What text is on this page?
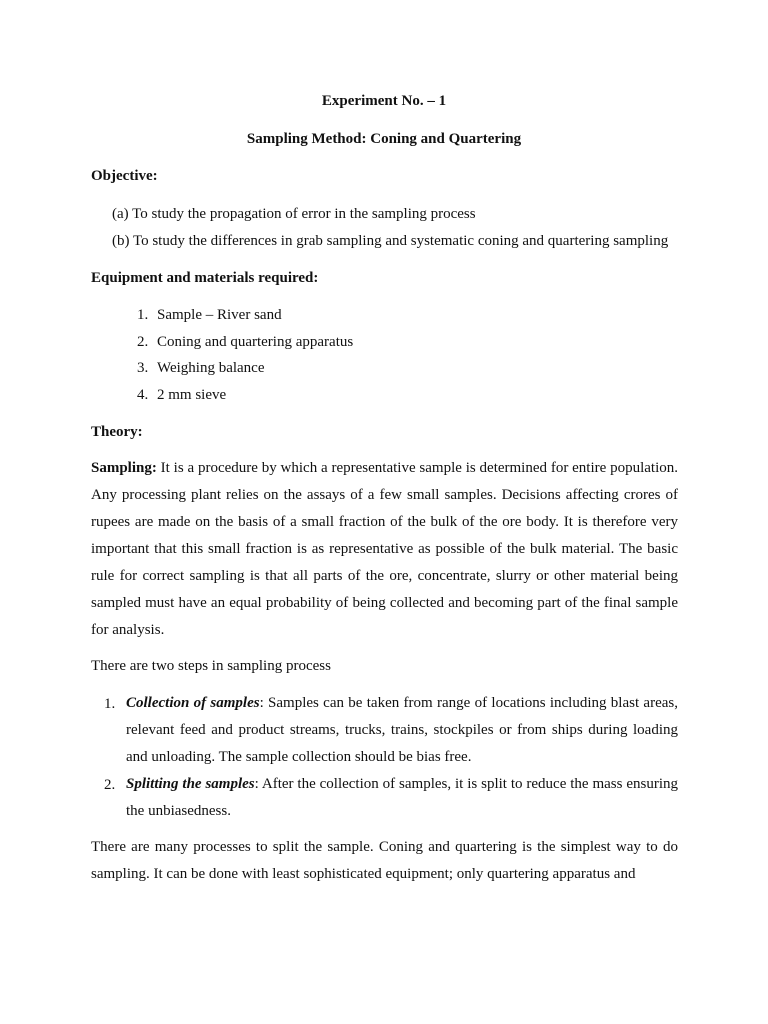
Experiment No. – 1
Sampling Method: Coning and Quartering
Objective:
(a) To study the propagation of error in the sampling process
(b) To study the differences in grab sampling and systematic coning and quartering sampling
Equipment and materials required:
1. Sample – River sand
2. Coning and quartering apparatus
3. Weighing balance
4. 2 mm sieve
Theory:
Sampling: It is a procedure by which a representative sample is determined for entire population. Any processing plant relies on the assays of a few small samples. Decisions affecting crores of rupees are made on the basis of a small fraction of the bulk of the ore body. It is therefore very important that this small fraction is as representative as possible of the bulk material. The basic rule for correct sampling is that all parts of the ore, concentrate, slurry or other material being sampled must have an equal probability of being collected and becoming part of the final sample for analysis.
There are two steps in sampling process
1. Collection of samples: Samples can be taken from range of locations including blast areas, relevant feed and product streams, trucks, trains, stockpiles or from ships during loading and unloading. The sample collection should be bias free.
2. Splitting the samples: After the collection of samples, it is split to reduce the mass ensuring the unbiasedness.
There are many processes to split the sample. Coning and quartering is the simplest way to do sampling. It can be done with least sophisticated equipment; only quartering apparatus and
